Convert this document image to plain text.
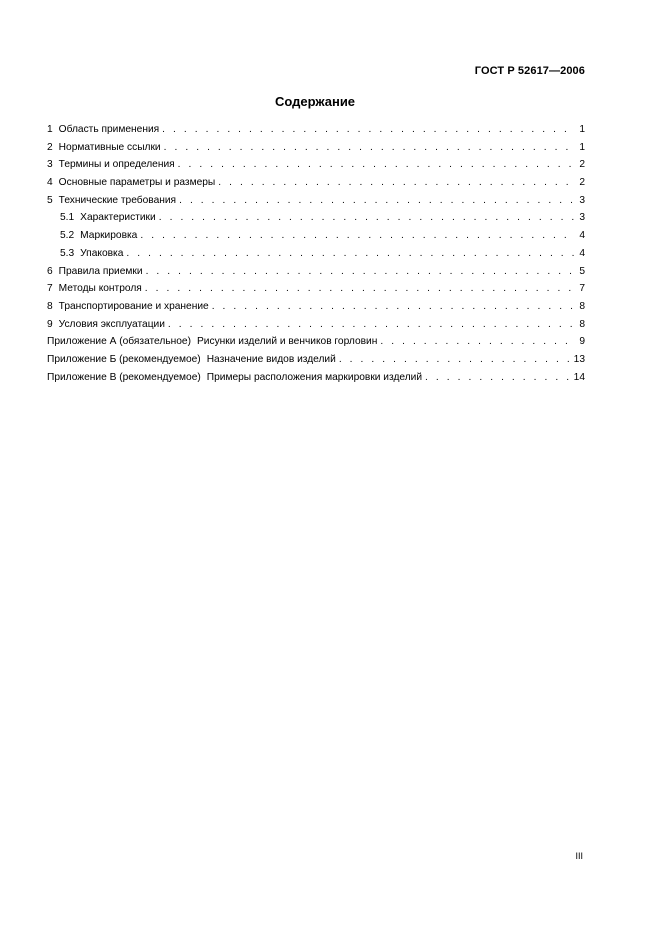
ГОСТ Р 52617—2006
Содержание
1 Область применения . . .	1
2 Нормативные ссылки . . .	1
3 Термины и определения . . .	2
4 Основные параметры и размеры . . .	2
5 Технические требования . . .	3
5.1 Характеристики . . .	3
5.2 Маркировка . . .	4
5.3 Упаковка . . .	4
6 Правила приемки . . .	5
7 Методы контроля . . .	7
8 Транспортирование и хранение . . .	8
9 Условия эксплуатации . . .	8
Приложение А (обязательное) Рисунки изделий и венчиков горловин . . .	9
Приложение Б (рекомендуемое) Назначение видов изделий . . .	13
Приложение В (рекомендуемое) Примеры расположения маркировки изделий . . .	14
III
